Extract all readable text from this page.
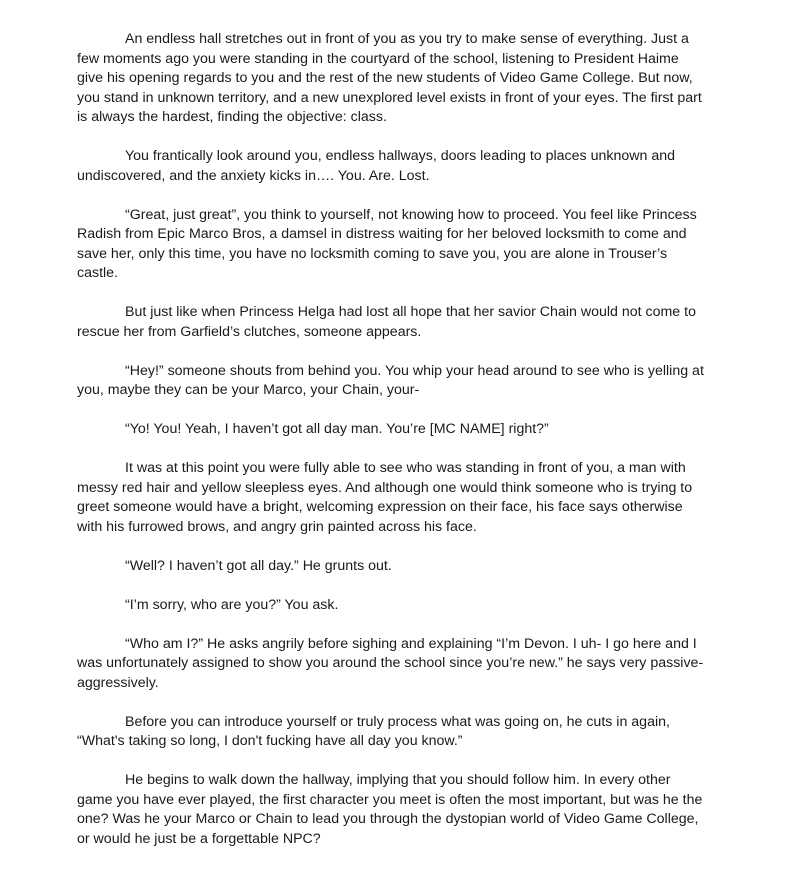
An endless hall stretches out in front of you as you try to make sense of everything. Just a few moments ago you were standing in the courtyard of the school, listening to President Haime give his opening regards to you and the rest of the new students of Video Game College. But now, you stand in unknown territory, and a new unexplored level exists in front of your eyes. The first part is always the hardest, finding the objective: class.

You frantically look around you, endless hallways, doors leading to places unknown and undiscovered, and the anxiety kicks in…. You. Are. Lost.

“Great, just great”, you think to yourself, not knowing how to proceed. You feel like Princess Radish from Epic Marco Bros, a damsel in distress waiting for her beloved locksmith to come and save her, only this time, you have no locksmith coming to save you, you are alone in Trouser’s castle.

But just like when Princess Helga had lost all hope that her savior Chain would not come to rescue her from Garfield’s clutches, someone appears.

“Hey!” someone shouts from behind you. You whip your head around to see who is yelling at you, maybe they can be your Marco, your Chain, your-

“Yo! You! Yeah, I haven’t got all day man. You’re [MC NAME] right?”

It was at this point you were fully able to see who was standing in front of you, a man with messy red hair and yellow sleepless eyes. And although one would think someone who is trying to greet someone would have a bright, welcoming expression on their face, his face says otherwise with his furrowed brows, and angry grin painted across his face.

“Well? I haven’t got all day.” He grunts out.

“I’m sorry, who are you?” You ask.

“Who am I?” He asks angrily before sighing and explaining “I’m Devon. I uh- I go here and I was unfortunately assigned to show you around the school since you’re new.” he says very passive-aggressively.

Before you can introduce yourself or truly process what was going on, he cuts in again, “What's taking so long, I don't fucking have all day you know.”

He begins to walk down the hallway, implying that you should follow him. In every other game you have ever played, the first character you meet is often the most important, but was he the one? Was he your Marco or Chain to lead you through the dystopian world of Video Game College, or would he just be a forgettable NPC?
